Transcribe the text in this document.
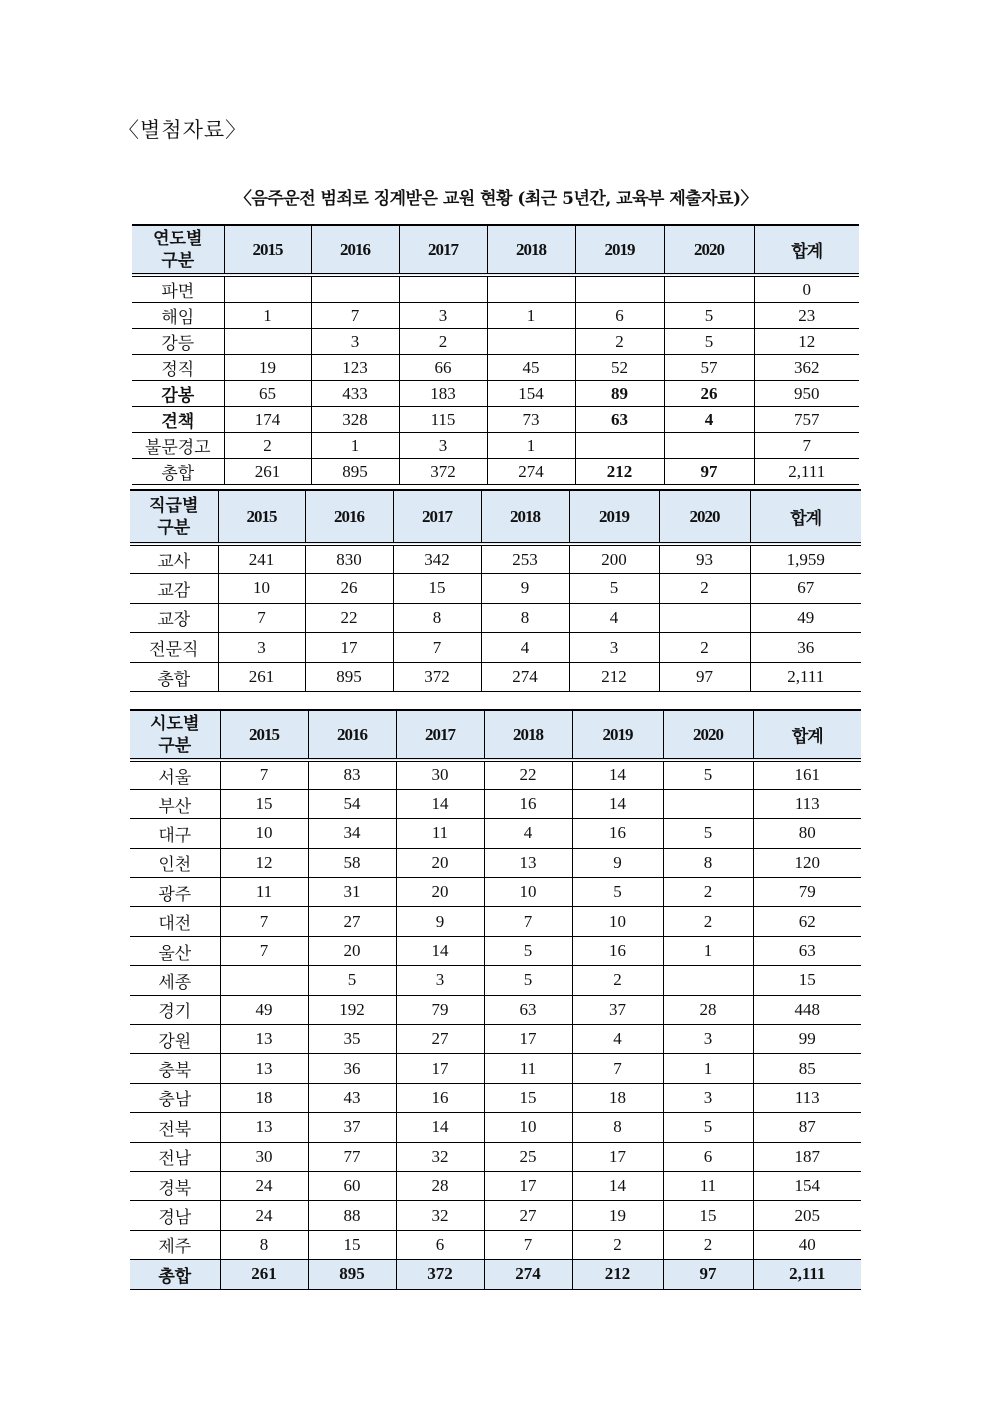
〈별첨자료〉
〈음주운전 범죄로 징계받은 교원 현황 (최근 5년간, 교육부 제출자료)〉
연도별
구분	2015	2016	2017	2018	2019	2020	합계
파면							0
해임	1	7	3	1	6	5	23
강등		3	2		2	5	12
정직	19	123	66	45	52	57	362
감봉	65	433	183	154	89	26	950
견책	174	328	115	73	63	4	757
불문경고	2	1	3	1			7
총합	261	895	372	274	212	97	2,111
직급별
구분	2015	2016	2017	2018	2019	2020	합계
교사	241	830	342	253	200	93	1,959
교감	10	26	15	9	5	2	67
교장	7	22	8	8	4		49
전문직	3	17	7	4	3	2	36
총합	261	895	372	274	212	97	2,111
시도별
구분	2015	2016	2017	2018	2019	2020	합계
서울	7	83	30	22	14	5	161
부산	15	54	14	16	14		113
대구	10	34	11	4	16	5	80
인천	12	58	20	13	9	8	120
광주	11	31	20	10	5	2	79
대전	7	27	9	7	10	2	62
울산	7	20	14	5	16	1	63
세종		5	3	5	2		15
경기	49	192	79	63	37	28	448
강원	13	35	27	17	4	3	99
충북	13	36	17	11	7	1	85
충남	18	43	16	15	18	3	113
전북	13	37	14	10	8	5	87
전남	30	77	32	25	17	6	187
경북	24	60	28	17	14	11	154
경남	24	88	32	27	19	15	205
제주	8	15	6	7	2	2	40
총합	261	895	372	274	212	97	2,111
